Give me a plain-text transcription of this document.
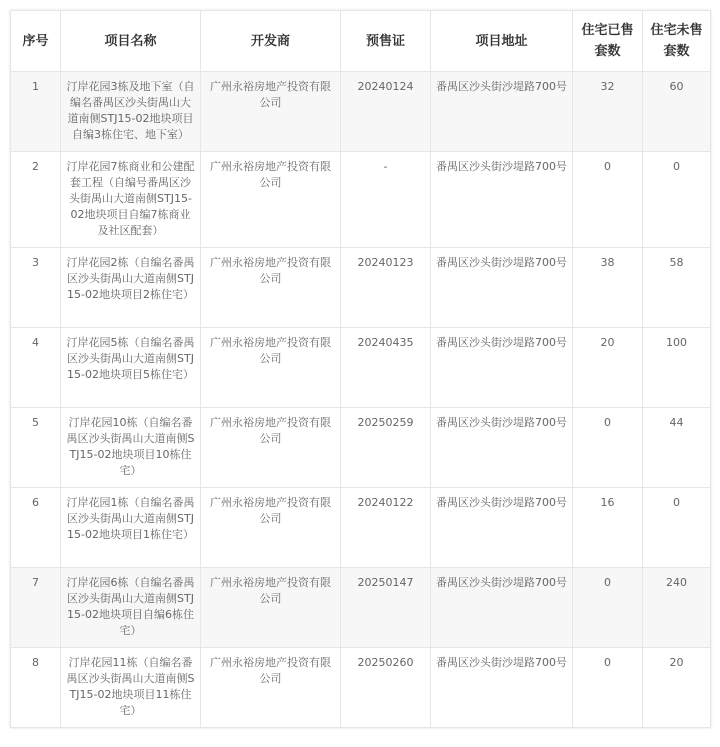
序号	项目名称	开发商	预售证	项目地址	住宅已售套数	住宅未售套数
1	汀岸花园3栋及地下室（自编名番禺区沙头街禺山大道南侧STJ15-02地块项目自编3栋住宅、地下室）	广州永裕房地产投资有限公司	20240124	番禺区沙头街沙堤路700号	32	60
2	汀岸花园7栋商业和公建配套工程（自编号番禺区沙头街禺山大道南侧STJ15-02地块项目自编7栋商业及社区配套）	广州永裕房地产投资有限公司	-	番禺区沙头街沙堤路700号	0	0
3	汀岸花园2栋（自编名番禺区沙头街禺山大道南侧STJ15-02地块项目2栋住宅）	广州永裕房地产投资有限公司	20240123	番禺区沙头街沙堤路700号	38	58
4	汀岸花园5栋（自编名番禺区沙头街禺山大道南侧STJ15-02地块项目5栋住宅）	广州永裕房地产投资有限公司	20240435	番禺区沙头街沙堤路700号	20	100
5	汀岸花园10栋（自编名番禺区沙头街禺山大道南侧STJ15-02地块项目10栋住宅）	广州永裕房地产投资有限公司	20250259	番禺区沙头街沙堤路700号	0	44
6	汀岸花园1栋（自编名番禺区沙头街禺山大道南侧STJ15-02地块项目1栋住宅）	广州永裕房地产投资有限公司	20240122	番禺区沙头街沙堤路700号	16	0
7	汀岸花园6栋（自编名番禺区沙头街禺山大道南侧STJ15-02地块项目自编6栋住宅）	广州永裕房地产投资有限公司	20250147	番禺区沙头街沙堤路700号	0	240
8	汀岸花园11栋（自编名番禺区沙头街禺山大道南侧STJ15-02地块项目11栋住宅）	广州永裕房地产投资有限公司	20250260	番禺区沙头街沙堤路700号	0	20
